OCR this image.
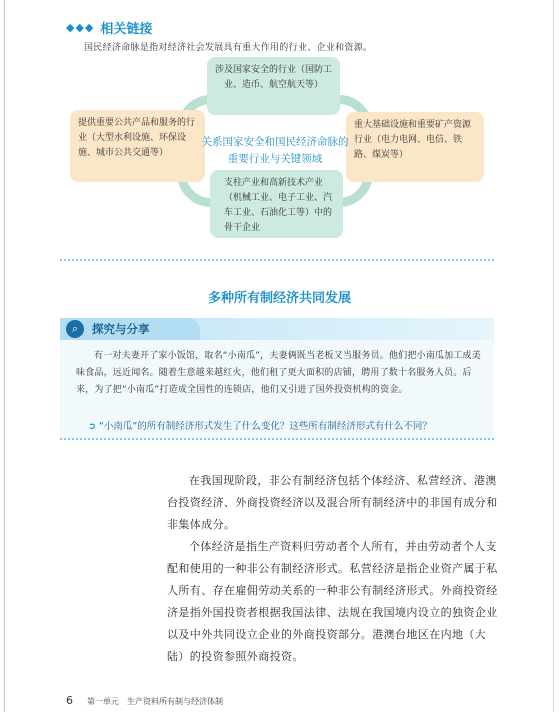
◆◆◆ 相关链接
国民经济命脉是指对经济社会发展具有重大作用的行业、企业和资源。
涉及国家安全的行业（国防工业、造币、航空航天等）
提供重要公共产品和服务的行业（大型水利设施、环保设施、城市公共交通等）
重大基础设施和重要矿产资源行业（电力电网、电信、铁路、煤炭等）
支柱产业和高新技术产业（机械工业、电子工业、汽车工业、石油化工等）中的骨干企业
关系国家安全和国民经济命脉的重要行业与关键领域
多种所有制经济共同发展
⌕	探究与分享
有一对夫妻开了家小饭馆，取名“小南瓜”，夫妻俩既当老板又当服务员。他们把小南瓜加工成美味食品，远近闻名。随着生意越来越红火，他们租了更大面积的店铺，聘用了数十名服务人员。后来，为了把“小南瓜”打造成全国性的连锁店，他们又引进了国外投资机构的资金。
➲ “小南瓜”的所有制经济形式发生了什么变化？这些所有制经济形式有什么不同？
在我国现阶段，非公有制经济包括个体经济、私营经济、港澳台投资经济、外商投资经济以及混合所有制经济中的非国有成分和非集体成分。
个体经济是指生产资料归劳动者个人所有，并由劳动者个人支配和使用的一种非公有制经济形式。私营经济是指企业资产属于私人所有、存在雇佣劳动关系的一种非公有制经济形式。外商投资经济是指外国投资者根据我国法律、法规在我国境内设立的独资企业以及中外共同设立企业的外商投资部分。港澳台地区在内地（大陆）的投资参照外商投资。
6 第一单元　生产资料所有制与经济体制
